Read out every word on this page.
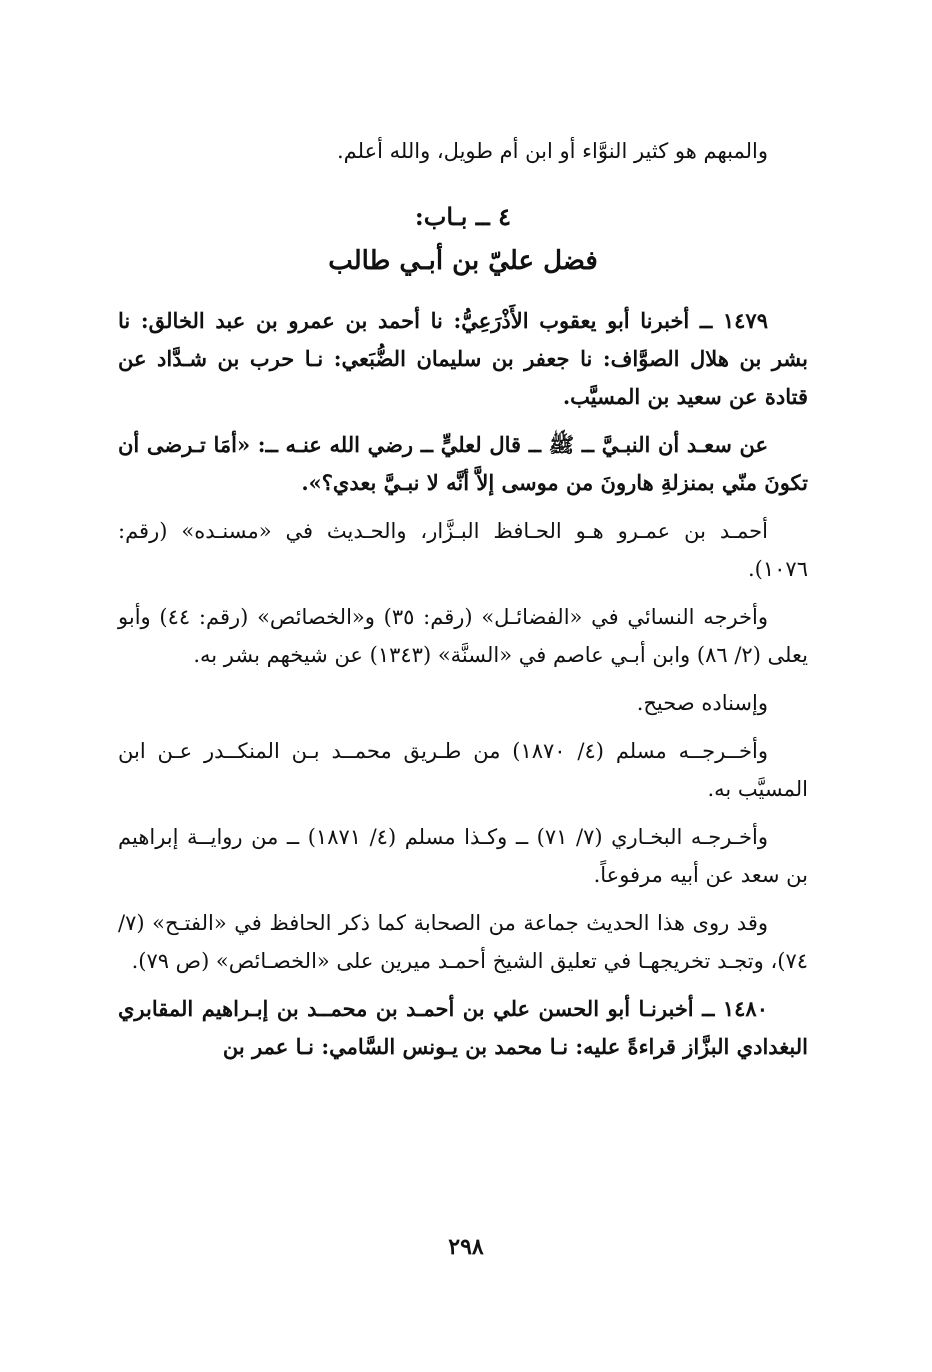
والمبهم هو كثير النوَّاء أو ابن أم طويل، والله أعلم.

٤ ــ بـاب:
فضل عليّ بن أبـي طالب

١٤٧٩ ــ أخبرنا أبو يعقوب الأَذْرَعِيُّ: نا أحمد بن عمرو بن عبد الخالق: نا بشر بن هلال الصوَّاف: نا جعفر بن سليمان الضُّبَعي: نـا حرب بن شـدَّاد عن قتادة عن سعيد بن المسيَّب.

عن سعـد أن النبـيَّ ــ ﷺ ــ قال لعليٍّ ــ رضي الله عنـه ــ: «أمَا تـرضى أن تكونَ منّي بمنزلةِ هارونَ من موسى إلاَّ أنَّه لا نبـيَّ بعدي؟».

أحمـد بن عمـرو هـو الحـافظ البـزَّار، والحـديث في «مسنـده» (رقم: ١٠٧٦).

وأخرجه النسائي في «الفضائـل» (رقم: ٣٥) و«الخصائص» (رقم: ٤٤) وأبو يعلى (٢/ ٨٦) وابن أبـي عاصم في «السنَّة» (١٣٤٣) عن شيخهم بشر به.

وإسناده صحيح.

وأخــرجــه مسلم (٤/ ١٨٧٠) من طـريق محمــد بـن المنكــدر عـن ابن المسيَّب به.

وأخـرجـه البخـاري (٧/ ٧١) ــ وكـذا مسلم (٤/ ١٨٧١) ــ من روايــة إبراهيم بن سعد عن أبيه مرفوعاً.

وقد روى هذا الحديث جماعة من الصحابة كما ذكر الحافظ في «الفتـح» (٧/ ٧٤)، وتجـد تخريجهـا في تعليق الشيخ أحمـد ميرين على «الخصـائص» (ص ٧٩).

١٤٨٠ ــ أخبرنـا أبو الحسن علي بن أحمـد بن محمــد بن إبـراهيم المقابري البغدادي البزَّاز قراءةً عليه: نـا محمد بن يـونس السَّامي: نـا عمر بن

٢٩٨
